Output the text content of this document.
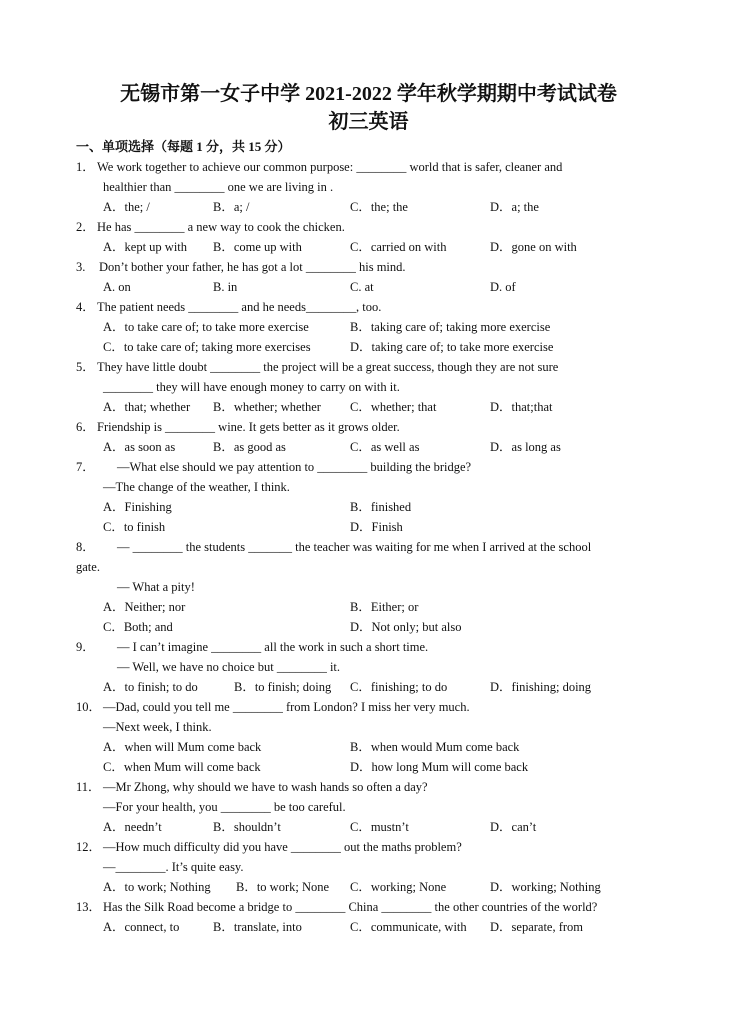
无锡市第一女子中学 2021-2022 学年秋学期期中考试试卷
初三英语
一、单项选择（每题 1 分，共 15 分）
1． We work together to achieve our common purpose: ________ world that is safer, cleaner and
healthier than ________ one we are living in .
A．the; /	B．a; /	C．the; the	D．a; the
2． He has ________ a new way to cook the chicken.
A．kept up with B．come up with	C．carried on with	D．gone on with
3. Don’t bother your father, he has got a lot ________ his mind.
A. on	B. in	C. at	D. of
4． The patient needs ________ and he needs________, too.
A．to take care of; to take more exercise	B．taking care of; taking more exercise
C．to take care of; taking more exercises	D．taking care of; to take more exercise
5． They have little doubt ________ the project will be a great success, though they are not sure
________ they will have enough money to carry on with it.
A．that; whether B．whether; whether C．whether; that	D．that;that
6． Friendship is ________ wine. It gets better as it grows older.
A．as soon as	B．as good as	C．as well as	D．as long as
7． —What else should we pay attention to ________ building the bridge?
—The change of the weather, I think.
A．Finishing	B．finished
C．to finish	D．Finish
8． — ________ the students _______ the teacher was waiting for me when I arrived at the school
gate.
— What a pity!
A．Neither; nor	B．Either; or
C．Both; and	D．Not only; but also
9． — I can’t imagine ________ all the work in such a short time.
— Well, we have no choice but ________ it.
A．to finish; to do	B．to finish; doing C．finishing; to do	D．finishing; doing
10． —Dad, could you tell me ________ from London? I miss her very much.
—Next week, I think.
A．when will Mum come back	B．when would Mum come back
C．when Mum will come back	D．how long Mum will come back
11． —Mr Zhong, why should we have to wash hands so often a day?
—For your health, you ________ be too careful.
A．needn’t	B．shouldn’t	C．mustn’t	D．can’t
12． —How much difficulty did you have ________ out the maths problem?
—________. It’s quite easy.
A．to work; Nothing B．to work; None C．working; None	D．working; Nothing
13． Has the Silk Road become a bridge to ________ China ________ the other countries of the world?
A．connect, to	B．translate, into	C．communicate, with D．separate, from
